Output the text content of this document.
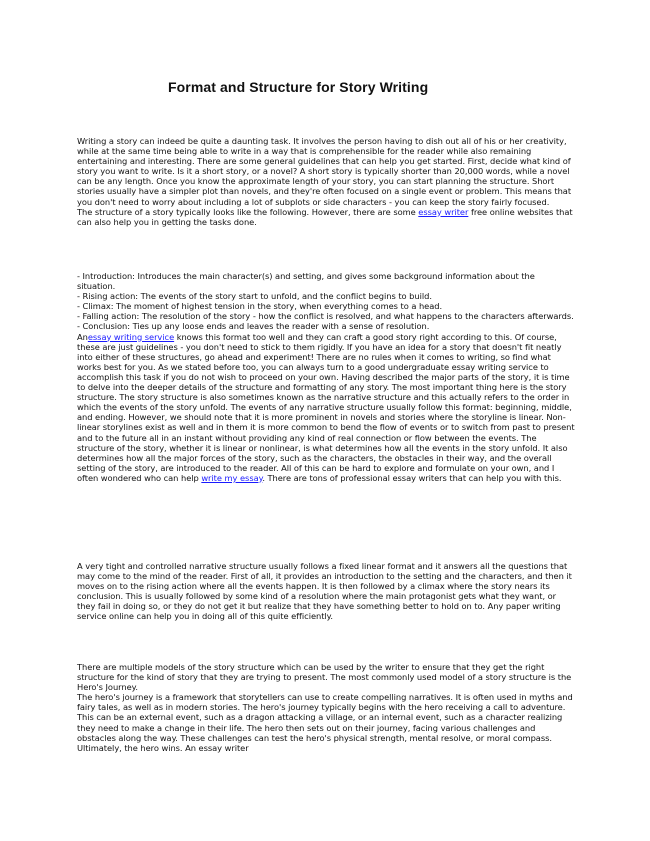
Format and Structure for Story Writing

Writing a story can indeed be quite a daunting task. It involves the person having to dish out all of his or her creativity, while at the same time being able to write in a way that is comprehensible for the reader while also remaining entertaining and interesting. There are some general guidelines that can help you get started. First, decide what kind of story you want to write. Is it a short story, or a novel? A short story is typically shorter than 20,000 words, while a novel can be any length. Once you know the approximate length of your story, you can start planning the structure. Short stories usually have a simpler plot than novels, and they're often focused on a single event or problem. This means that you don't need to worry about including a lot of subplots or side characters - you can keep the story fairly focused.

The structure of a story typically looks like the following. However, there are some essay writer free online websites that can also help you in getting the tasks done.

- Introduction: Introduces the main character(s) and setting, and gives some background information about the situation.

- Rising action: The events of the story start to unfold, and the conflict begins to build.

- Climax: The moment of highest tension in the story, when everything comes to a head.

- Falling action: The resolution of the story - how the conflict is resolved, and what happens to the characters afterwards.

- Conclusion: Ties up any loose ends and leaves the reader with a sense of resolution.

Anessay writing service knows this format too well and they can craft a good story right according to this. Of course, these are just guidelines - you don't need to stick to them rigidly. If you have an idea for a story that doesn't fit neatly into either of these structures, go ahead and experiment! There are no rules when it comes to writing, so find what works best for you. As we stated before too, you can always turn to a good undergraduate essay writing service to accomplish this task if you do not wish to proceed on your own. Having described the major parts of the story, it is time to delve into the deeper details of the structure and formatting of any story. The most important thing here is the story structure. The story structure is also sometimes known as the narrative structure and this actually refers to the order in which the events of the story unfold. The events of any narrative structure usually follow this format: beginning, middle, and ending. However, we should note that it is more prominent in novels and stories where the storyline is linear. Non-linear storylines exist as well and in them it is more common to bend the flow of events or to switch from past to present and to the future all in an instant without providing any kind of real connection or flow between the events. The structure of the story, whether it is linear or nonlinear, is what determines how all the events in the story unfold. It also determines how all the major forces of the story, such as the characters, the obstacles in their way, and the overall setting of the story, are introduced to the reader. All of this can be hard to explore and formulate on your own, and I often wondered who can help write my essay. There are tons of professional essay writers that can help you with this.

A very tight and controlled narrative structure usually follows a fixed linear format and it answers all the questions that may come to the mind of the reader. First of all, it provides an introduction to the setting and the characters, and then it moves on to the rising action where all the events happen. It is then followed by a climax where the story nears its conclusion. This is usually followed by some kind of a resolution where the main protagonist gets what they want, or they fail in doing so, or they do not get it but realize that they have something better to hold on to. Any paper writing service online can help you in doing all of this quite efficiently.

There are multiple models of the story structure which can be used by the writer to ensure that they get the right structure for the kind of story that they are trying to present. The most commonly used model of a story structure is the Hero's Journey.

The hero's journey is a framework that storytellers can use to create compelling narratives. It is often used in myths and fairy tales, as well as in modern stories. The hero's journey typically begins with the hero receiving a call to adventure. This can be an external event, such as a dragon attacking a village, or an internal event, such as a character realizing they need to make a change in their life. The hero then sets out on their journey, facing various challenges and obstacles along the way. These challenges can test the hero's physical strength, mental resolve, or moral compass. Ultimately, the hero wins. An essay writer
